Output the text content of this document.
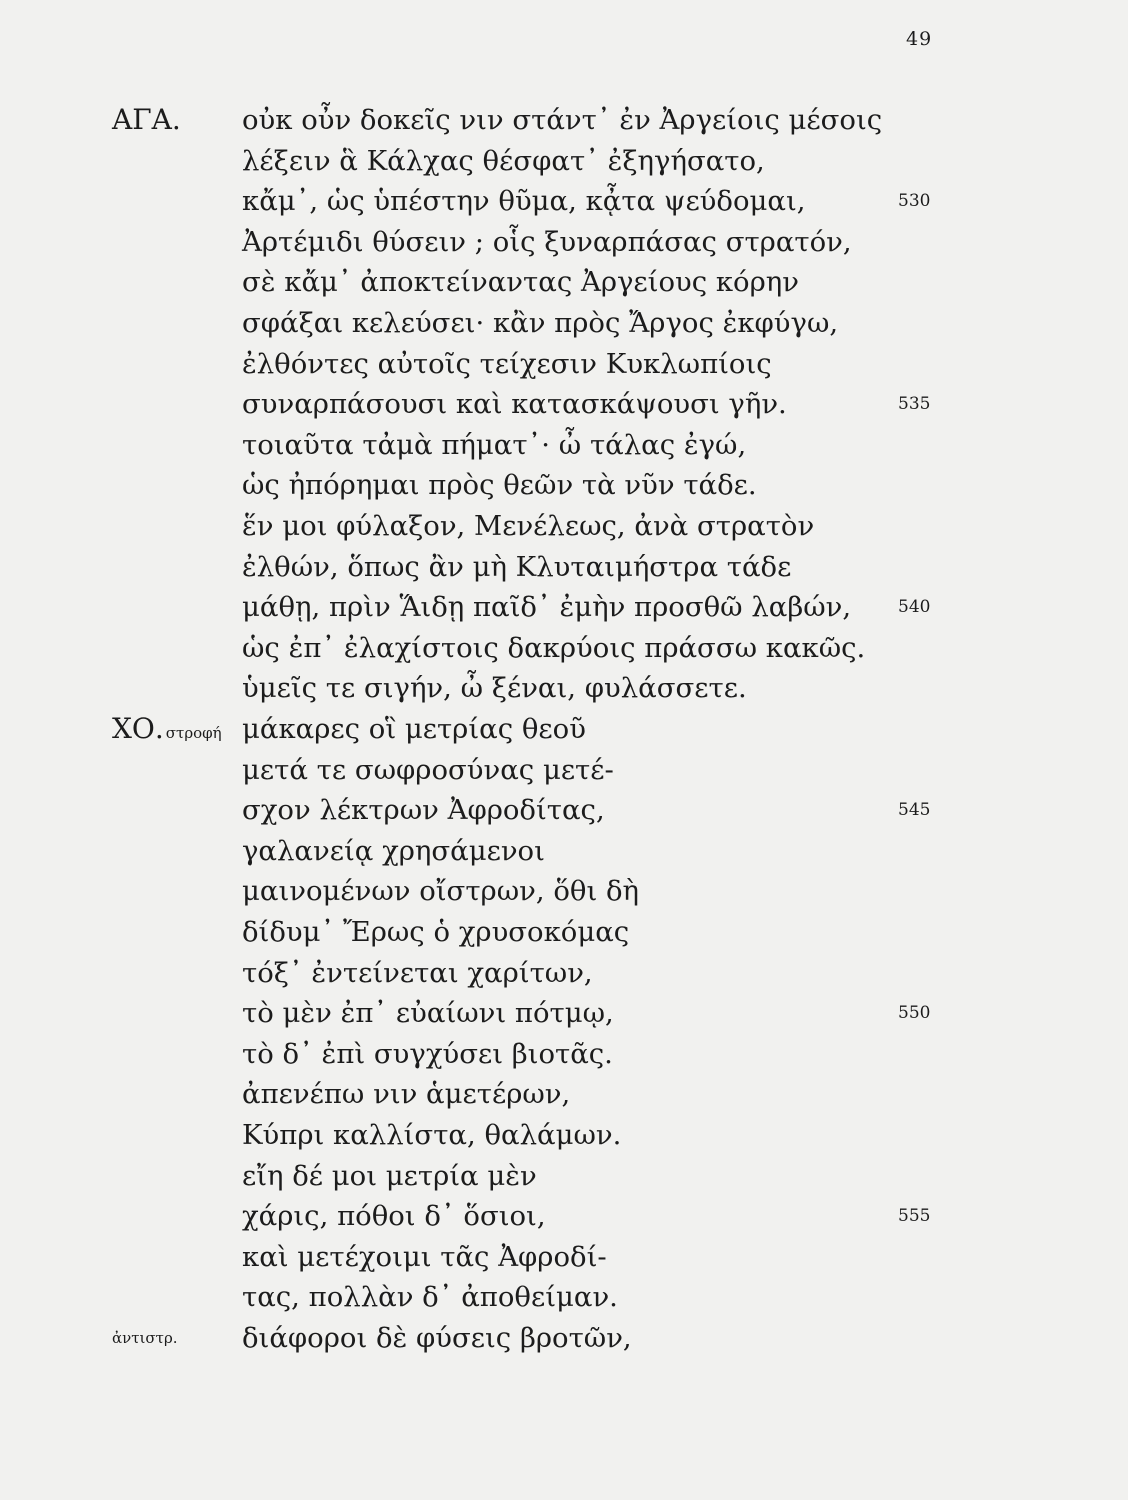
49
ΑΓΑ. οὐκ οὖν δοκεῖς νιν στάντ᾽ ἐν Ἀργείοις μέσοις
λέξειν ἃ Κάλχας θέσφατ᾽ ἐξηγήσατο,
κἄμ᾽, ὡς ὑπέστην θῦμα, κᾆτα ψεύδομαι,	530
Ἀρτέμιδι θύσειν ; οἷς ξυναρπάσας στρατόν,
σὲ κἄμ᾽ ἀποκτείναντας Ἀργείους κόρην
σφάξαι κελεύσει· κἂν πρὸς Ἄργος ἐκφύγω,
ἐλθόντες αὐτοῖς τείχεσιν Κυκλωπίοις
συναρπάσουσι καὶ κατασκάψουσι γῆν.	535
τοιαῦτα τἀμὰ πήματ᾽· ὦ τάλας ἐγώ,
ὡς ἠπόρημαι πρὸς θεῶν τὰ νῦν τάδε.
ἕν μοι φύλαξον, Μενέλεως, ἀνὰ στρατὸν
ἐλθών, ὅπως ἂν μὴ Κλυταιμήστρα τάδε
μάθῃ, πρὶν Ἅιδῃ παῖδ᾽ ἐμὴν προσθῶ λαβών,	540
ὡς ἐπ᾽ ἐλαχίστοις δακρύοις πράσσω κακῶς.
ὑμεῖς τε σιγήν, ὦ ξέναι, φυλάσσετε.
ΧΟ. στροφή μάκαρες οἳ μετρίας θεοῦ
μετά τε σωφροσύνας μετέ-
σχον λέκτρων Ἀφροδίτας,	545
γαλανείᾳ χρησάμενοι
μαινομένων οἴστρων, ὅθι δὴ
δίδυμ᾽ Ἔρως ὁ χρυσοκόμας
τόξ᾽ ἐντείνεται χαρίτων,
τὸ μὲν ἐπ᾽ εὐαίωνι πότμῳ,	550
τὸ δ᾽ ἐπὶ συγχύσει βιοτᾶς.
ἀπενέπω νιν ἁμετέρων,
Κύπρι καλλίστα, θαλάμων.
εἴη δέ μοι μετρία μὲν
χάρις, πόθοι δ᾽ ὅσιοι,	555
καὶ μετέχοιμι τᾶς Ἀφροδί-
τας, πολλὰν δ᾽ ἀποθείμαν.
ἀντιστρ. διάφοροι δὲ φύσεις βροτῶν,
